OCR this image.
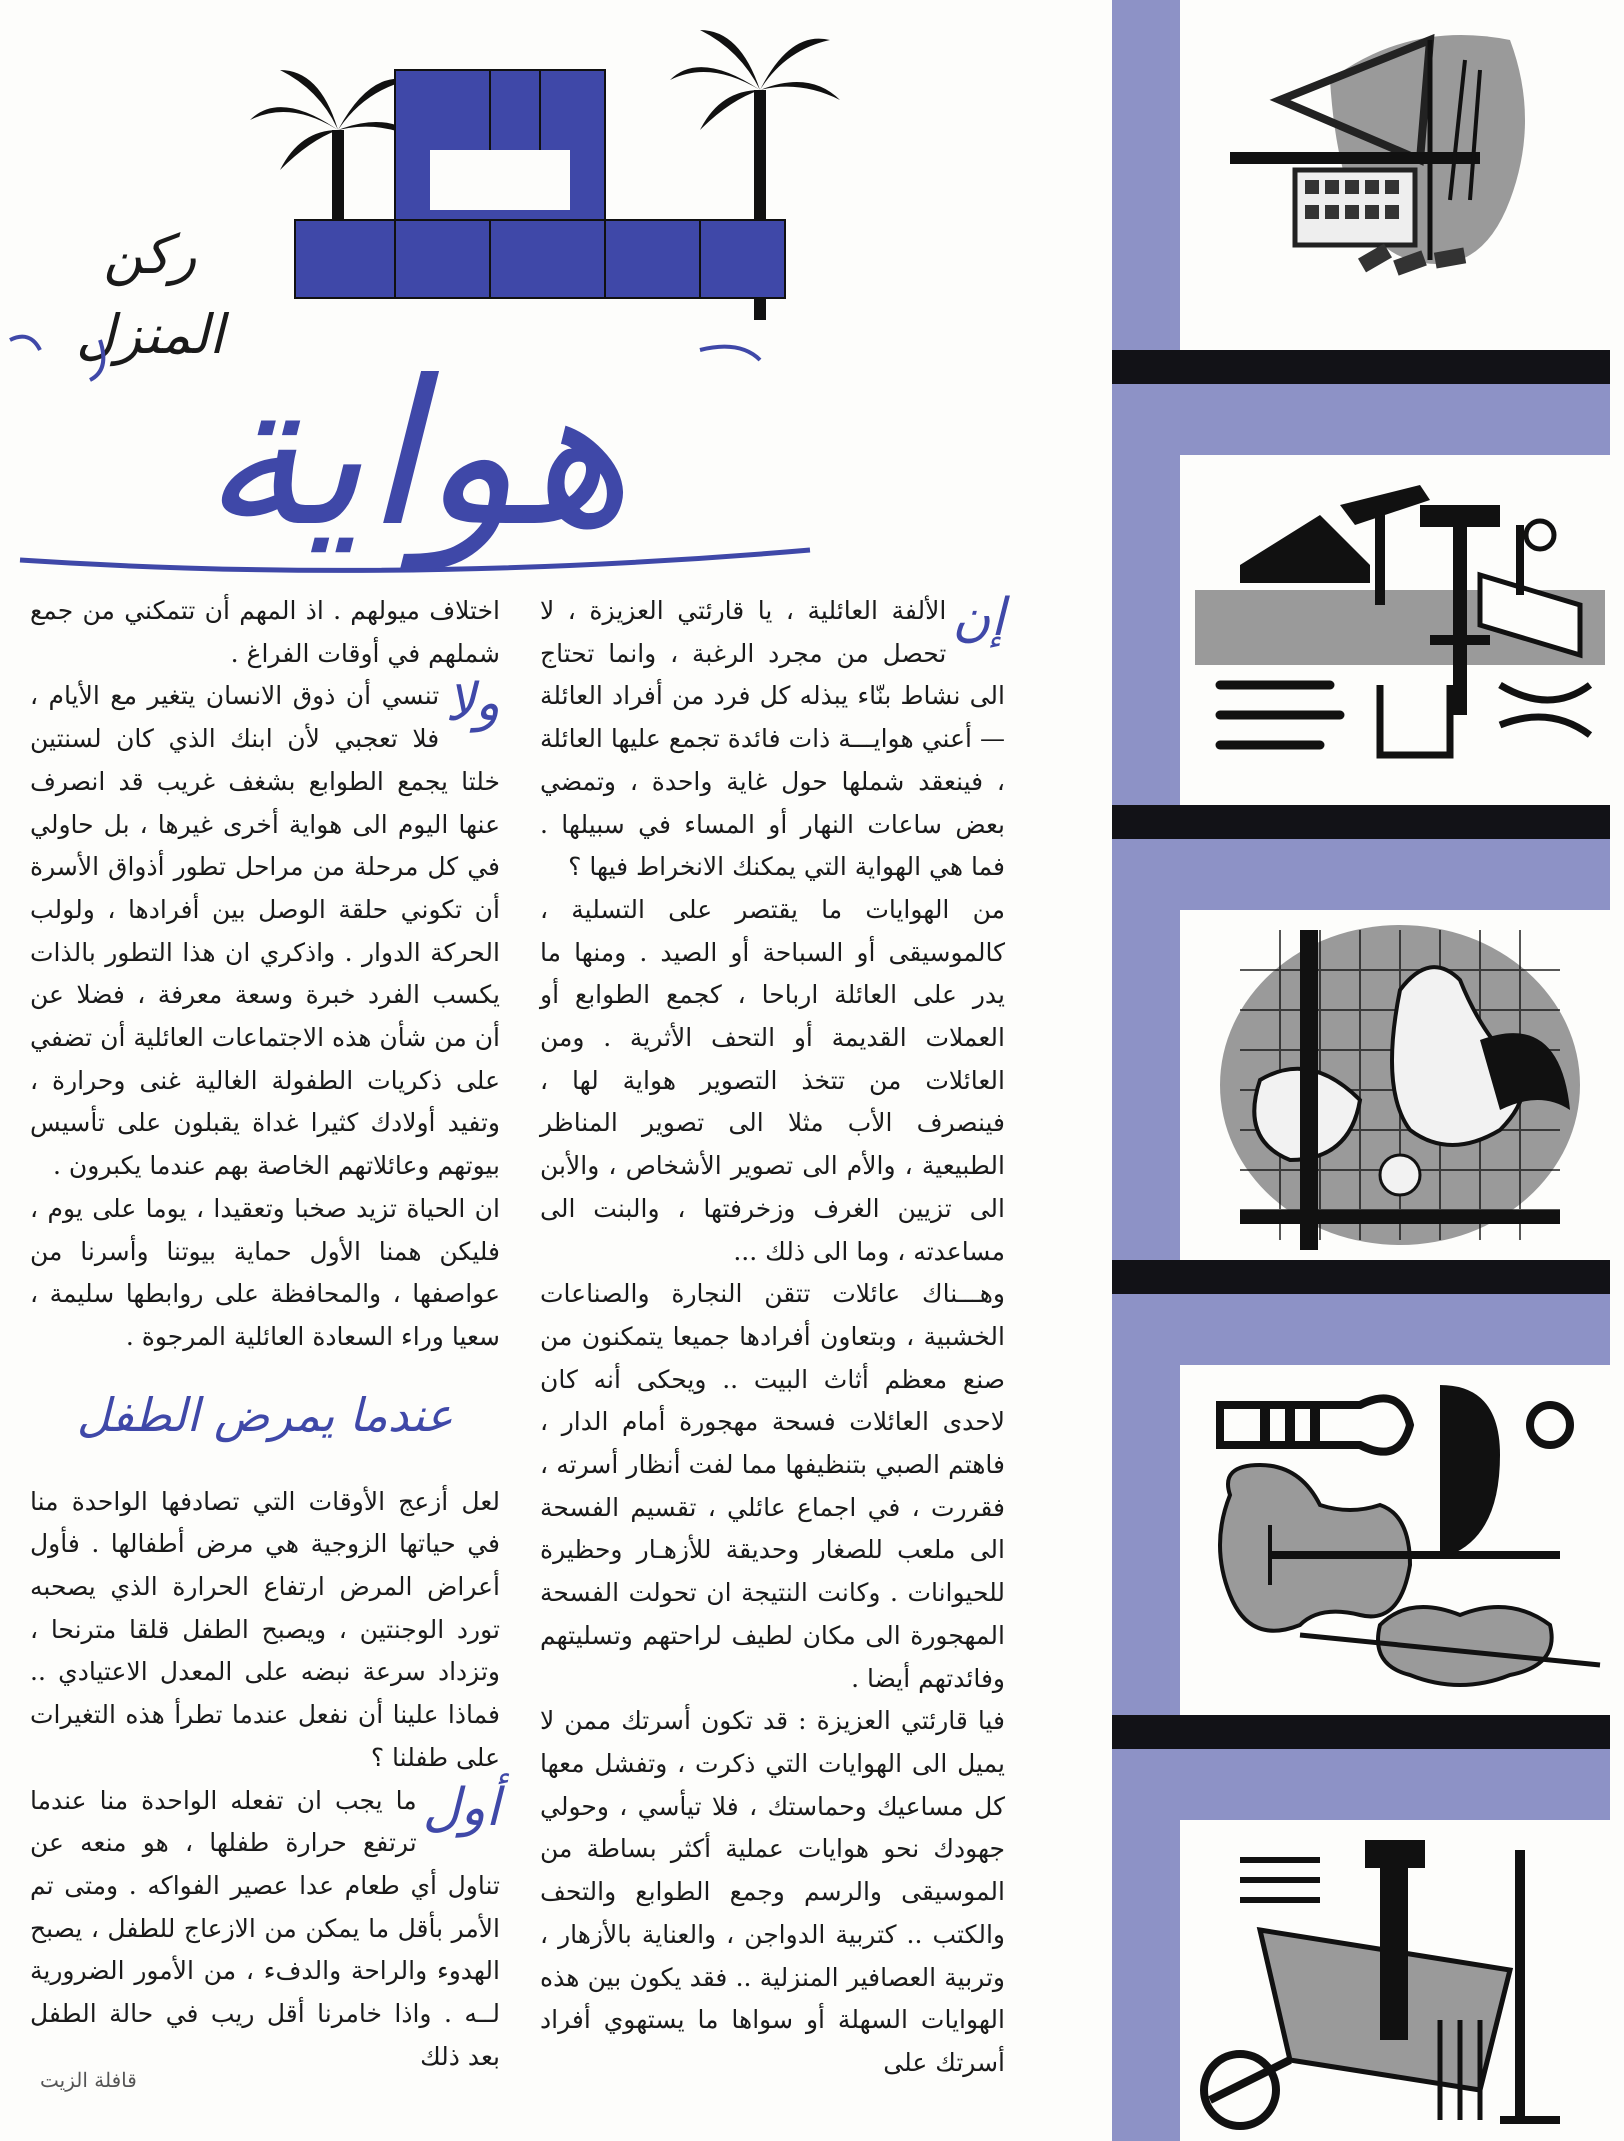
ركن المنزل
هواية

إن
الألفة العائلية ، يا قارئتي العزيزة ، لا تحصل من مجرد الرغبة ، وانما تحتاج الى نشاط بنّاء يبذله كل فرد من أفراد العائلة — أعني هوايـــة ذات فائدة تجمع عليها العائلة ، فينعقد شملها حول غاية واحدة ، وتمضي بعض ساعات النهار أو المساء في سبيلها . فما هي الهواية التي يمكنك الانخراط فيها ؟

من الهوايات ما يقتصر على التسلية ، كالموسيقى أو السباحة أو الصيد . ومنها ما يدر على العائلة ارباحا ، كجمع الطوابع أو العملات القديمة أو التحف الأثرية . ومن العائلات من تتخذ التصوير هواية لها ، فينصرف الأب مثلا الى تصوير المناظر الطبيعية ، والأم الى تصوير الأشخاص ، والأبن الى تزيين الغرف وزخرفتها ، والبنت الى مساعدته ، وما الى ذلك ...

وهـــناك عائلات تتقن النجارة والصناعات الخشبية ، وبتعاون أفرادها جميعا يتمكنون من صنع معظم أثاث البيت .. ويحكى أنه كان لاحدى العائلات فسحة مهجورة أمام الدار ، فاهتم الصبي بتنظيفها مما لفت أنظار أسرته ، فقررت ، في اجماع عائلي ، تقسيم الفسحة الى ملعب للصغار وحديقة للأزهـار وحظيرة للحيوانات . وكانت النتيجة ان تحولت الفسحة المهجورة الى مكان لطيف لراحتهم وتسليتهم وفائدتهم أيضا .

فيا قارئتي العزيزة : قد تكون أسرتك ممن لا يميل الى الهوايات التي ذكرت ، وتفشل معها كل مساعيك وحماستك ، فلا تيأسي ، وحولي جهودك نحو هوايات عملية أكثر بساطة من الموسيقى والرسم وجمع الطوابع والتحف والكتب .. كتربية الدواجن ، والعناية بالأزهار ، وتربية العصافير المنزلية .. فقد يكون بين هذه الهوايات السهلة أو سواها ما يستهوي أفراد أسرتك على

اختلاف ميولهم . اذ المهم أن تتمكني من جمع شملهم في أوقات الفراغ .

ولا
تنسي أن ذوق الانسان يتغير مع الأيام ، فلا تعجبي لأن ابنك الذي كان لسنتين خلتا يجمع الطوابع بشغف غريب قد انصرف عنها اليوم الى هواية أخرى غيرها ، بل حاولي في كل مرحلة من مراحل تطور أذواق الأسرة أن تكوني حلقة الوصل بين أفرادها ، ولولب الحركة الدوار . واذكري ان هذا التطور بالذات يكسب الفرد خبرة وسعة معرفة ، فضلا عن أن من شأن هذه الاجتماعات العائلية أن تضفي على ذكريات الطفولة الغالية غنى وحرارة ، وتفيد أولادك كثيرا غداة يقبلون على تأسيس بيوتهم وعائلاتهم الخاصة بهم عندما يكبرون .

ان الحياة تزيد صخبا وتعقيدا ، يوما على يوم ، فليكن همنا الأول حماية بيوتنا وأسرنا من عواصفها ، والمحافظة على روابطها سليمة ، سعيا وراء السعادة العائلية المرجوة .

عندما يمرض الطفل

لعل أزعج الأوقات التي تصادفها الواحدة منا في حياتها الزوجية هي مرض أطفالها . فأول أعراض المرض ارتفاع الحرارة الذي يصحبه تورد الوجنتين ، ويصبح الطفل قلقا مترنحا ، وتزداد سرعة نبضه على المعدل الاعتيادي .. فماذا علينا أن نفعل عندما تطرأ هذه التغيرات على طفلنا ؟

أول
ما يجب ان تفعله الواحدة منا عندما ترتفع حرارة طفلها ، هو منعه عن تناول أي طعام عدا عصير الفواكه . ومتى تم الأمر بأقل ما يمكن من الازعاج للطفل ، يصبح الهدوء والراحة والدفء ، من الأمور الضرورية لــه . واذا خامرنا أقل ريب في حالة الطفل بعد ذلك

قافلة الزيت
